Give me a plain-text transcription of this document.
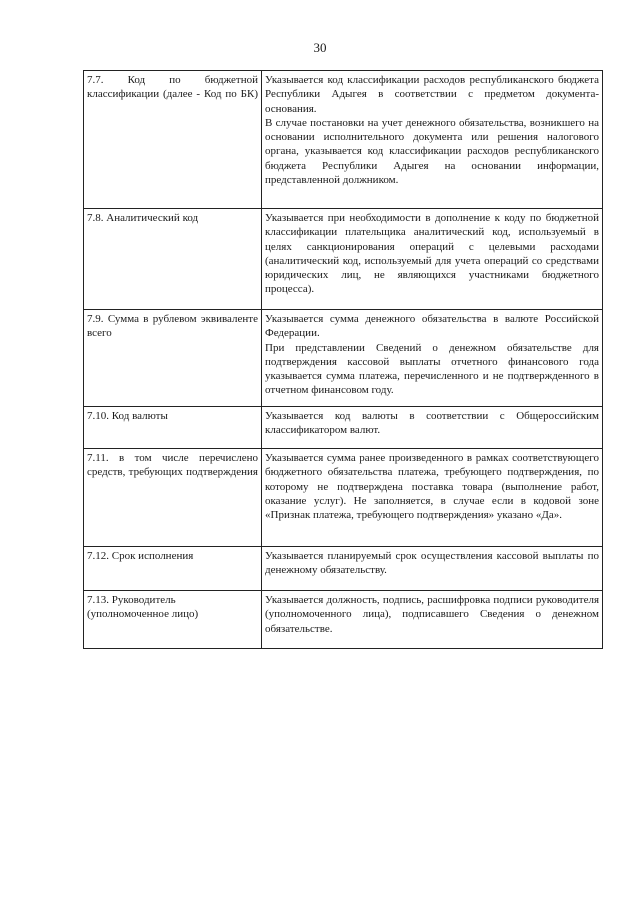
30
7.7. Код по бюджетной классификации (далее - Код по БК)	Указывается код классификации расходов республиканского бюджета Республики Адыгея в соответствии с предметом документа-основания.
В случае постановки на учет денежного обязательства, возникшего на основании исполнительного документа или решения налогового органа, указывается код классификации расходов республиканского бюджета Республики Адыгея на основании информации, представленной должником.

7.8. Аналитический код	Указывается при необходимости в дополнение к коду по бюджетной классификации плательщика аналитический код, используемый в целях санкционирования операций с целевыми расходами (аналитический код, используемый для учета операций со средствами юридических лиц, не являющихся участниками бюджетного процесса).

7.9. Сумма в рублевом эквиваленте всего	Указывается сумма денежного обязательства в валюте Российской Федерации.
При представлении Сведений о денежном обязательстве для подтверждения кассовой выплаты отчетного финансового года указывается сумма платежа, перечисленного и не подтвержденного в отчетном финансовом году.

7.10. Код валюты	Указывается код валюты в соответствии с Общероссийским классификатором валют.

7.11. в том числе перечислено средств, требующих подтверждения	Указывается сумма ранее произведенного в рамках соответствующего бюджетного обязательства платежа, требующего подтверждения, по которому не подтверждена поставка товара (выполнение работ, оказание услуг). Не заполняется, в случае если в кодовой зоне «Признак платежа, требующего подтверждения» указано «Да».

7.12. Срок исполнения	Указывается планируемый срок осуществления кассовой выплаты по денежному обязательству.

7.13. Руководитель (уполномоченное лицо)	Указывается должность, подпись, расшифровка подписи руководителя (уполномоченного лица), подписавшего Сведения о денежном обязательстве.
